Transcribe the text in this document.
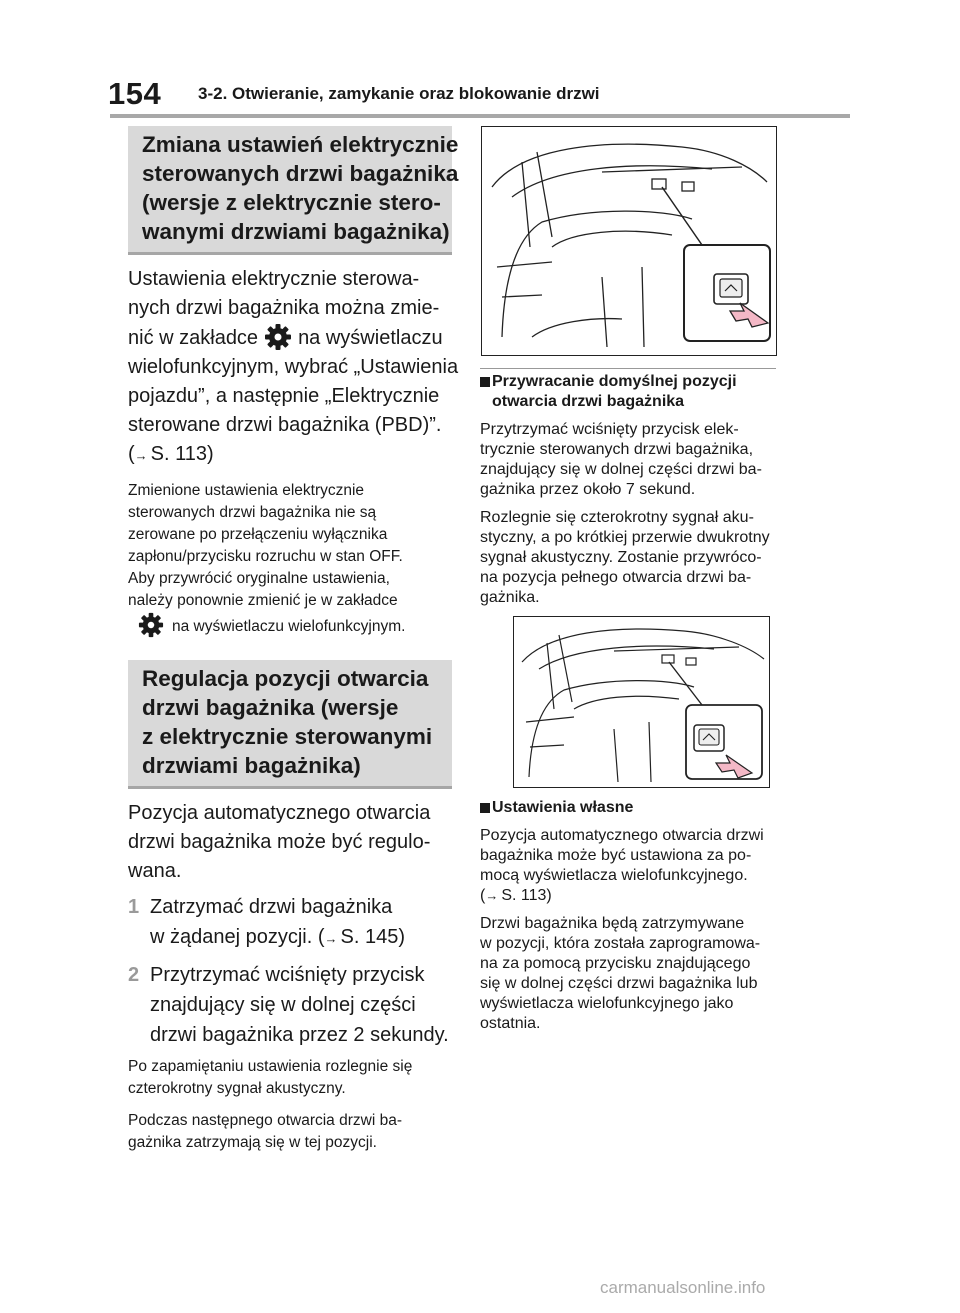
154 3-2. Otwieranie, zamykanie oraz blokowanie drzwi
Zmiana ustawień elektrycznie
sterowanych drzwi bagażnika
(wersje z elektrycznie stero-
wanymi drzwiami bagażnika)

Ustawienia elektrycznie sterowa-
nych drzwi bagażnika można zmie-
nić w zakładce na wyświetlaczu
wielofunkcyjnym, wybrać „Ustawienia
pojazdu”, a następnie „Elektrycznie
sterowane drzwi bagażnika (PBD)”.
(→ S. 113)

Zmienione ustawienia elektrycznie
sterowanych drzwi bagażnika nie są
zerowane po przełączeniu wyłącznika
zapłonu/przycisku rozruchu w stan OFF.
Aby przywrócić oryginalne ustawienia,
należy ponownie zmienić je w zakładce
na wyświetlaczu wielofunkcyjnym.

Regulacja pozycji otwarcia
drzwi bagażnika (wersje
z elektrycznie sterowanymi
drzwiami bagażnika)

Pozycja automatycznego otwarcia
drzwi bagażnika może być regulo-
wana.

1 Zatrzymać drzwi bagażnika
w żądanej pozycji. (→ S. 145)
2 Przytrzymać wciśnięty przycisk
znajdujący się w dolnej części
drzwi bagażnika przez 2 sekundy.

Po zapamiętaniu ustawienia rozlegnie się
czterokrotny sygnał akustyczny.

Podczas następnego otwarcia drzwi ba-
gażnika zatrzymają się w tej pozycji.

Przywracanie domyślnej pozycji
otwarcia drzwi bagażnika

Przytrzymać wciśnięty przycisk elek-
trycznie sterowanych drzwi bagażnika,
znajdujący się w dolnej części drzwi ba-
gażnika przez około 7 sekund.

Rozlegnie się czterokrotny sygnał aku-
styczny, a po krótkiej przerwie dwukrotny
sygnał akustyczny. Zostanie przywróco-
na pozycja pełnego otwarcia drzwi ba-
gażnika.

Ustawienia własne

Pozycja automatycznego otwarcia drzwi
bagażnika może być ustawiona za po-
mocą wyświetlacza wielofunkcyjnego.
(→ S. 113)

Drzwi bagażnika będą zatrzymywane
w pozycji, która została zaprogramowa-
na za pomocą przycisku znajdującego
się w dolnej części drzwi bagażnika lub
wyświetlacza wielofunkcyjnego jako
ostatnia.

carmanualsonline.info
